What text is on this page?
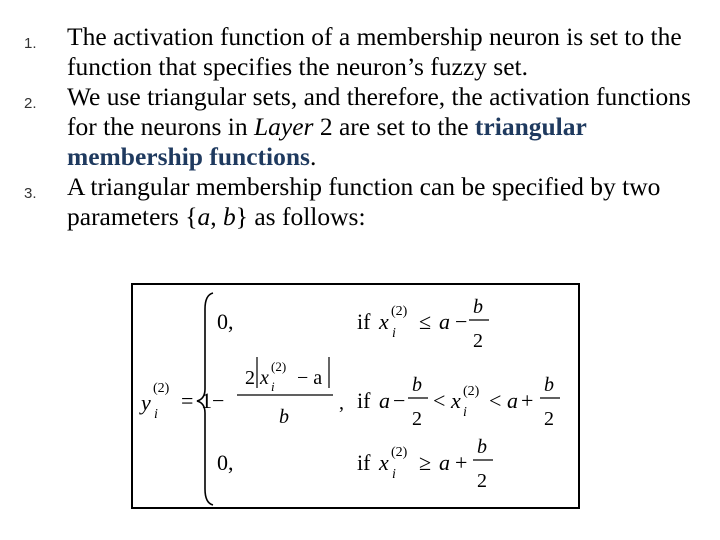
1. The activation function of a membership neuron is set to the function that specifies the neuron’s fuzzy set.
2. We use triangular sets, and therefore, the activation functions for the neurons in Layer 2 are set to the triangular membership functions.
3. A triangular membership function can be specified by two parameters {a, b} as follows:
y
(2)
i
=
0,	if x (2)
i ≤ a −
b
2
1−
2 x
(2)
i − a
b
, if a −
b
2
< x (2)
i < a +
b
2
0,	if x (2)
i ≥ a +
b
2
